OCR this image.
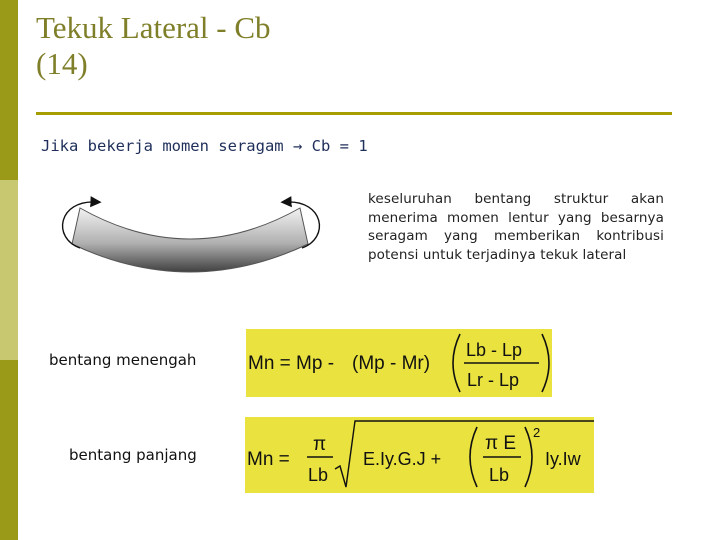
Tekuk Lateral - Cb
(14)
Jika bekerja momen seragam → Cb = 1
keseluruhan bentang struktur akan menerima momen lentur yang besarnya seragam yang memberikan kontribusi potensi untuk terjadinya tekuk lateral
bentang menengah
bentang panjang
Mn = Mp - (Mp - Mr)
Lb - Lp
Lr - Lp
Mn =
π
Lb
E.Iy.G.J +
π E
Lb
2
Iy.Iw
